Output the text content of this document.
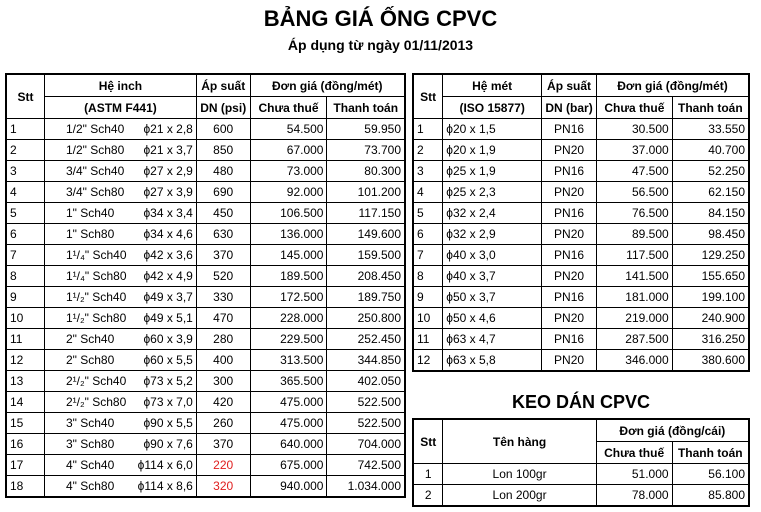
BẢNG GIÁ ỐNG CPVC
Áp dụng từ ngày 01/11/2013
Stt	Hệ inch	Áp suất	Đơn giá (đồng/mét)	
	(ASTM F441)	DN (psi)	Chưa thuế	Thanh toán
1	1/2" Sch40 ϕ21 x 2,8	600	54.500	59.950
2	1/2" Sch80 ϕ21 x 3,7	850	67.000	73.700
3	3/4" Sch40 ϕ27 x 2,9	480	73.000	80.300
4	3/4" Sch80 ϕ27 x 3,9	690	92.000	101.200
5	1" Sch40 ϕ34 x 3,4	450	106.500	117.150
6	1" Sch80 ϕ34 x 4,6	630	136.000	149.600
7	1¹/₄" Sch40 ϕ42 x 3,6	370	145.000	159.500
8	1¹/₄" Sch80 ϕ42 x 4,9	520	189.500	208.450
9	1¹/₂" Sch40 ϕ49 x 3,7	330	172.500	189.750
10	1¹/₂" Sch80 ϕ49 x 5,1	470	228.000	250.800
11	2" Sch40 ϕ60 x 3,9	280	229.500	252.450
12	2" Sch80 ϕ60 x 5,5	400	313.500	344.850
13	2¹/₂" Sch40 ϕ73 x 5,2	300	365.500	402.050
14	2¹/₂" Sch80 ϕ73 x 7,0	420	475.000	522.500
15	3" Sch40 ϕ90 x 5,5	260	475.000	522.500
16	3" Sch80 ϕ90 x 7,6	370	640.000	704.000
17	4" Sch40 ϕ114 x 6,0	220	675.000	742.500
18	4" Sch80 ϕ114 x 8,6	320	940.000	1.034.000
Stt	Hệ mét	Áp suất	Đơn giá (đồng/mét)	
	(ISO 15877)	DN (bar)	Chưa thuế	Thanh toán
1	ϕ20 x 1,5	PN16	30.500	33.550
2	ϕ20 x 1,9	PN20	37.000	40.700
3	ϕ25 x 1,9	PN16	47.500	52.250
4	ϕ25 x 2,3	PN20	56.500	62.150
5	ϕ32 x 2,4	PN16	76.500	84.150
6	ϕ32 x 2,9	PN20	89.500	98.450
7	ϕ40 x 3,0	PN16	117.500	129.250
8	ϕ40 x 3,7	PN20	141.500	155.650
9	ϕ50 x 3,7	PN16	181.000	199.100
10	ϕ50 x 4,6	PN20	219.000	240.900
11	ϕ63 x 4,7	PN16	287.500	316.250
12	ϕ63 x 5,8	PN20	346.000	380.600
KEO DÁN CPVC
Stt	Tên hàng	Đơn giá (đồng/cái)	
		Chưa thuế	Thanh toán
1	Lon 100gr	51.000	56.100
2	Lon 200gr	78.000	85.800
